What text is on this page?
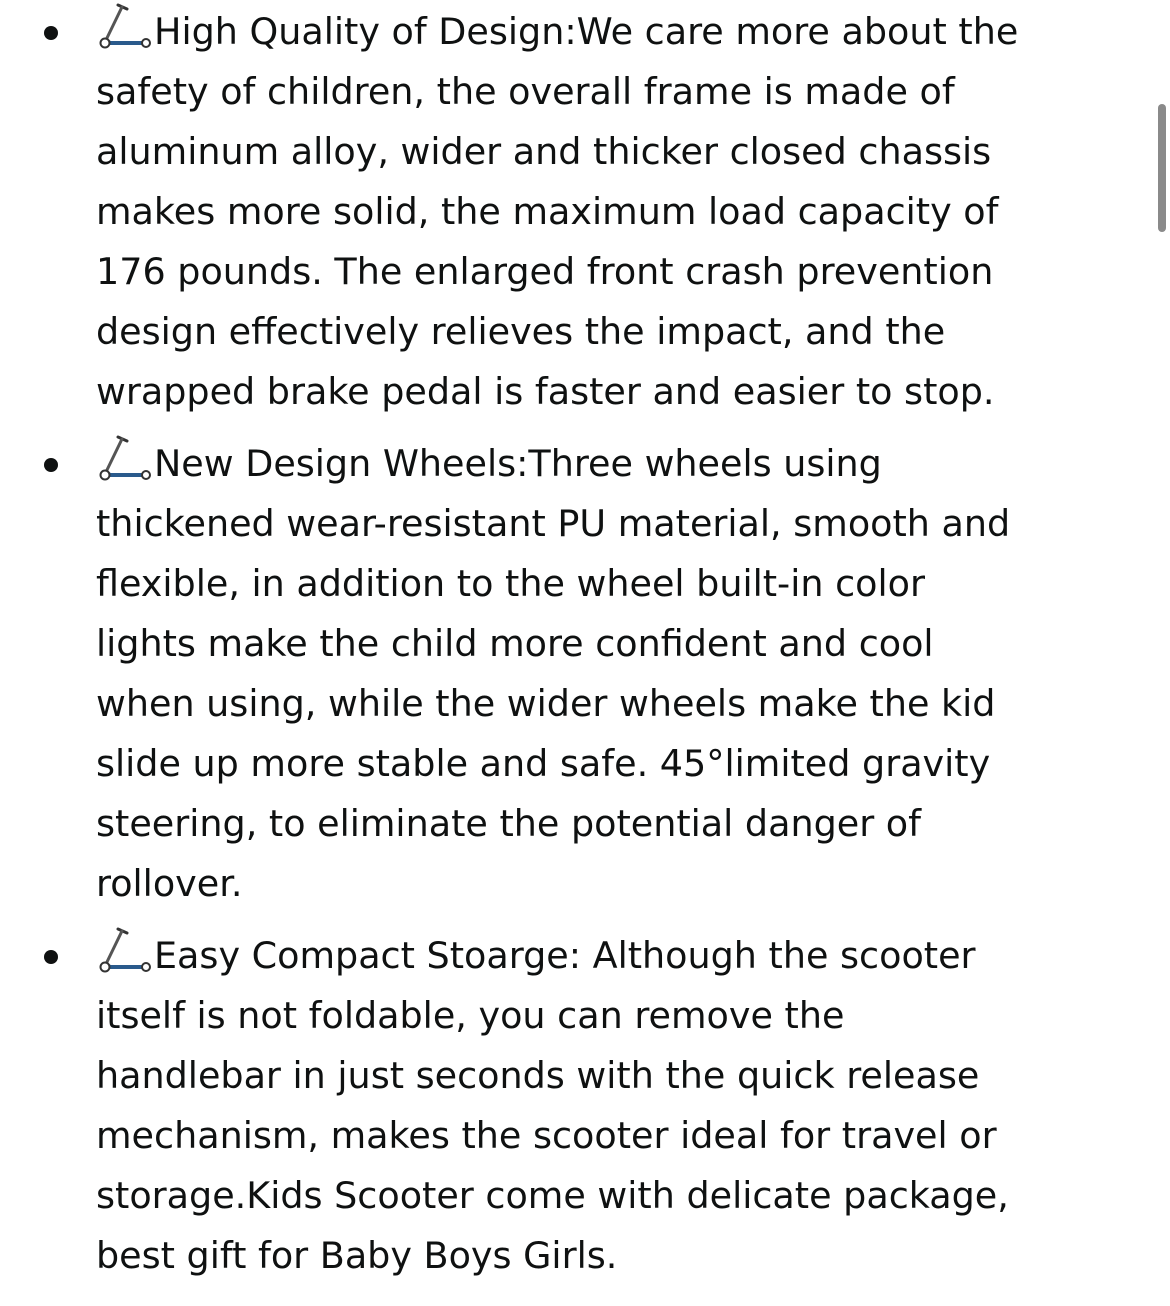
High Quality of Design:We care more about the
safety of children, the overall frame is made of
aluminum alloy, wider and thicker closed chassis
makes more solid, the maximum load capacity of
176 pounds. The enlarged front crash prevention
design effectively relieves the impact, and the
wrapped brake pedal is faster and easier to stop.
New Design Wheels:Three wheels using
thickened wear-resistant PU material, smooth and
flexible, in addition to the wheel built-in color
lights make the child more confident and cool
when using, while the wider wheels make the kid
slide up more stable and safe. 45°limited gravity
steering, to eliminate the potential danger of
rollover.
Easy Compact Stoarge: Although the scooter
itself is not foldable, you can remove the
handlebar in just seconds with the quick release
mechanism, makes the scooter ideal for travel or
storage.Kids Scooter come with delicate package,
best gift for Baby Boys Girls.
